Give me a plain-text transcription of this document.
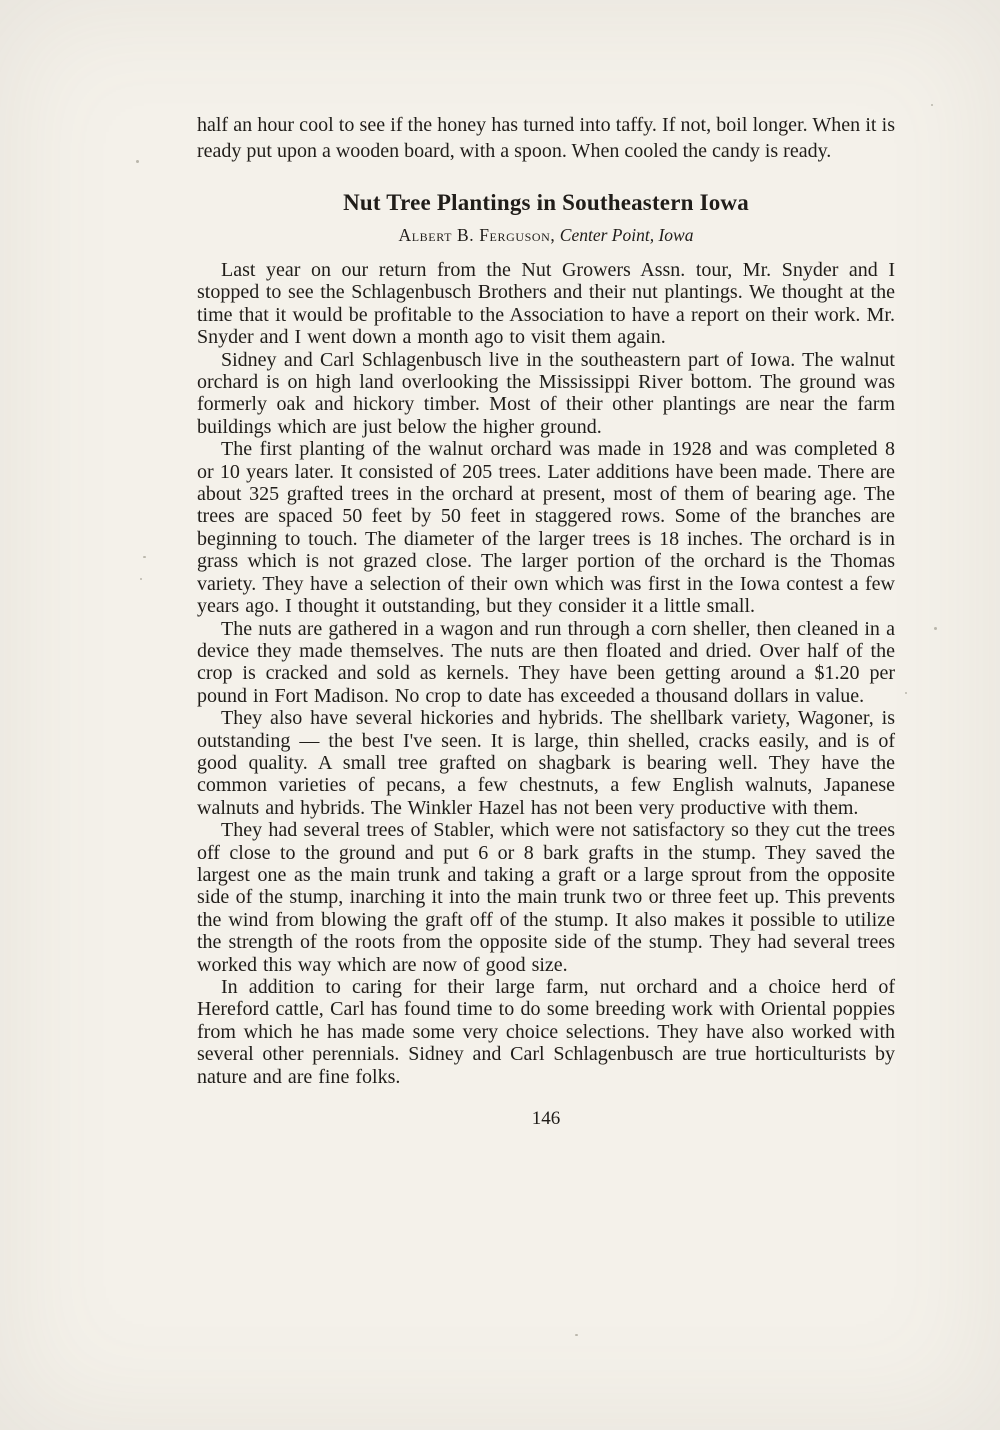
half an hour cool to see if the honey has turned into taffy. If not, boil longer. When it is ready put upon a wooden board, with a spoon. When cooled the candy is ready.

Nut Tree Plantings in Southeastern Iowa
Albert B. Ferguson, Center Point, Iowa

Last year on our return from the Nut Growers Assn. tour, Mr. Snyder and I stopped to see the Schlagenbusch Brothers and their nut plantings. We thought at the time that it would be profitable to the Association to have a report on their work. Mr. Snyder and I went down a month ago to visit them again.

Sidney and Carl Schlagenbusch live in the southeastern part of Iowa. The walnut orchard is on high land overlooking the Mississippi River bottom. The ground was formerly oak and hickory timber. Most of their other plantings are near the farm buildings which are just below the higher ground.

The first planting of the walnut orchard was made in 1928 and was completed 8 or 10 years later. It consisted of 205 trees. Later additions have been made. There are about 325 grafted trees in the orchard at present, most of them of bearing age. The trees are spaced 50 feet by 50 feet in staggered rows. Some of the branches are beginning to touch. The diameter of the larger trees is 18 inches. The orchard is in grass which is not grazed close. The larger portion of the orchard is the Thomas variety. They have a selection of their own which was first in the Iowa contest a few years ago. I thought it outstanding, but they consider it a little small.

The nuts are gathered in a wagon and run through a corn sheller, then cleaned in a device they made themselves. The nuts are then floated and dried. Over half of the crop is cracked and sold as kernels. They have been getting around a $1.20 per pound in Fort Madison. No crop to date has exceeded a thousand dollars in value.

They also have several hickories and hybrids. The shellbark variety, Wagoner, is outstanding — the best I've seen. It is large, thin shelled, cracks easily, and is of good quality. A small tree grafted on shagbark is bearing well. They have the common varieties of pecans, a few chestnuts, a few English walnuts, Japanese walnuts and hybrids. The Winkler Hazel has not been very productive with them.

They had several trees of Stabler, which were not satisfactory so they cut the trees off close to the ground and put 6 or 8 bark grafts in the stump. They saved the largest one as the main trunk and taking a graft or a large sprout from the opposite side of the stump, inarching it into the main trunk two or three feet up. This prevents the wind from blowing the graft off of the stump. It also makes it possible to utilize the strength of the roots from the opposite side of the stump. They had several trees worked this way which are now of good size.

In addition to caring for their large farm, nut orchard and a choice herd of Hereford cattle, Carl has found time to do some breeding work with Oriental poppies from which he has made some very choice selections. They have also worked with several other perennials. Sidney and Carl Schlagenbusch are true horticulturists by nature and are fine folks.

146
